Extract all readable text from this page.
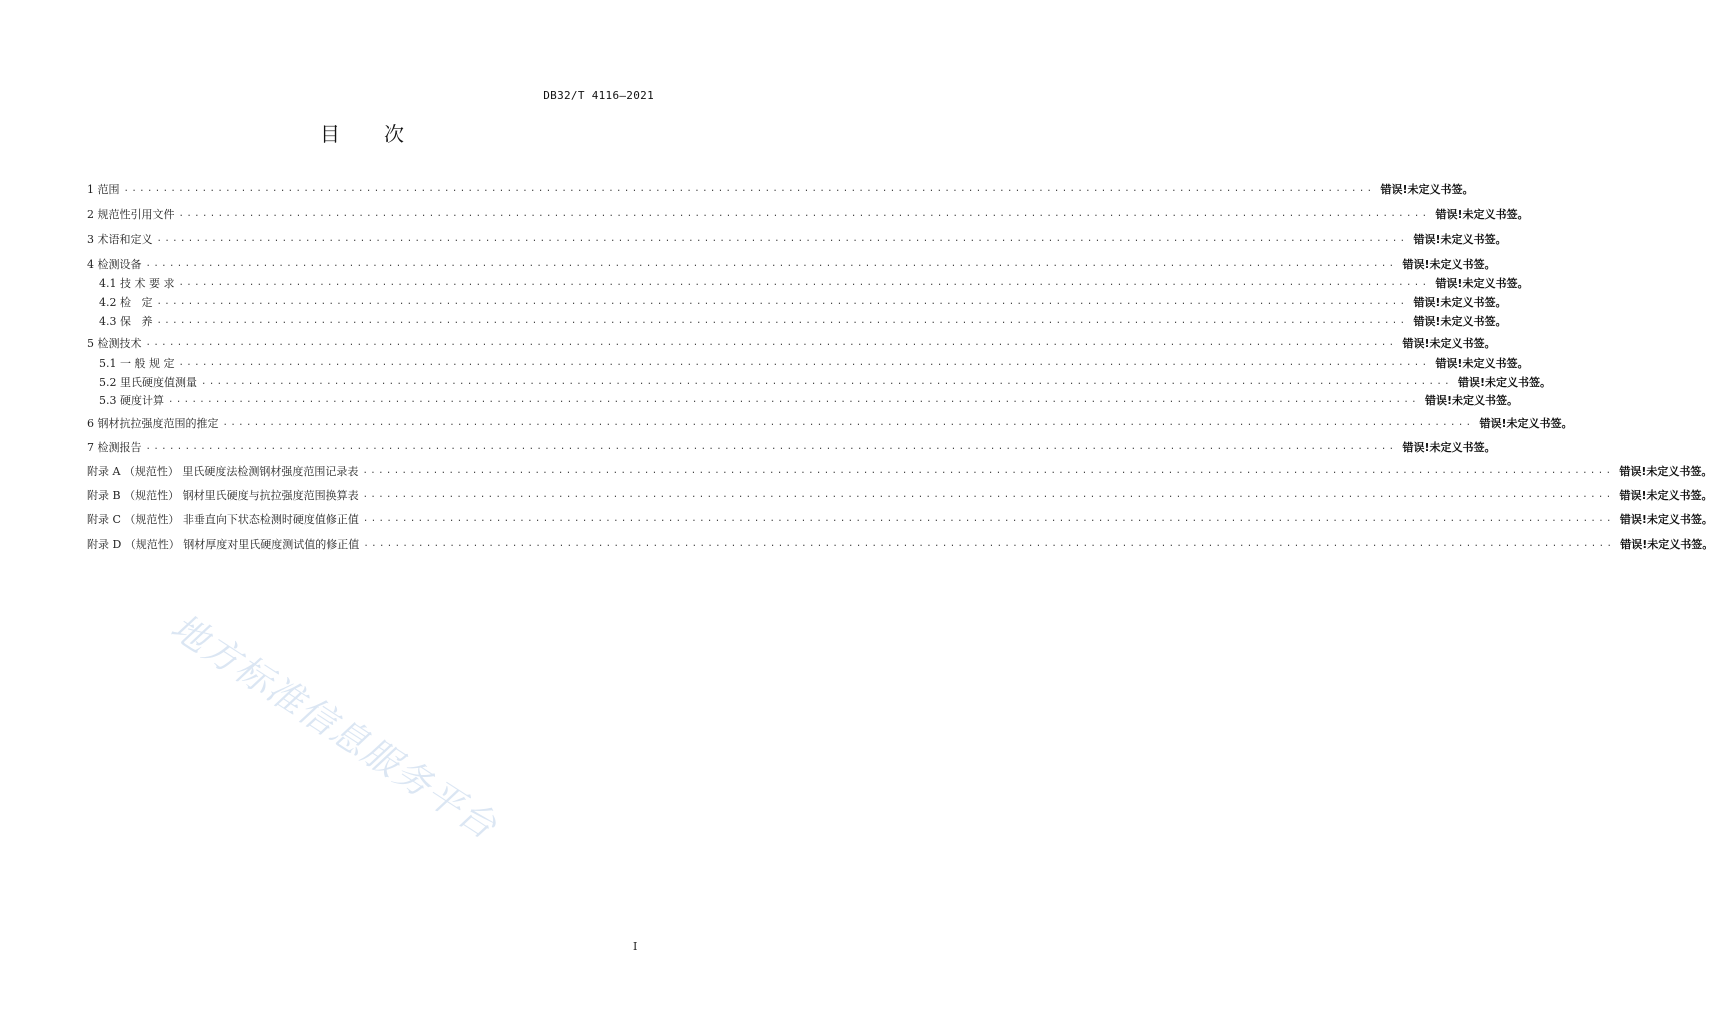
DB32/T 4116—2021
目 次
1 范围 ................................................................................................................................................................ 错误!未定义书签。
2 规范性引用文件 ................................................................................................................................................................ 错误!未定义书签。
3 术语和定义 ................................................................................................................................................................ 错误!未定义书签。
4 检测设备 ................................................................................................................................................................ 错误!未定义书签。
4.1 技 术 要 求 ................................................................................................................................................................ 错误!未定义书签。
4.2 检   定 ................................................................................................................................................................ 错误!未定义书签。
4.3 保   养 ................................................................................................................................................................ 错误!未定义书签。
5 检测技术 ................................................................................................................................................................ 错误!未定义书签。
5.1 一 般 规 定 ................................................................................................................................................................ 错误!未定义书签。
5.2 里氏硬度值测量 ................................................................................................................................................................ 错误!未定义书签。
5.3 硬度计算 ................................................................................................................................................................ 错误!未定义书签。
6 钢材抗拉强度范围的推定 ................................................................................................................................................................ 错误!未定义书签。
7 检测报告 ................................................................................................................................................................ 错误!未定义书签。
附录 A （规范性） 里氏硬度法检测钢材强度范围记录表 ................................................................................................................................................................ 错误!未定义书签。
附录 B （规范性） 钢材里氏硬度与抗拉强度范围换算表 ................................................................................................................................................................ 错误!未定义书签。
附录 C （规范性） 非垂直向下状态检测时硬度值修正值 ................................................................................................................................................................ 错误!未定义书签。
附录 D （规范性） 钢材厚度对里氏硬度测试值的修正值 ................................................................................................................................................................ 错误!未定义书签。
地方标准信息服务平台
I
